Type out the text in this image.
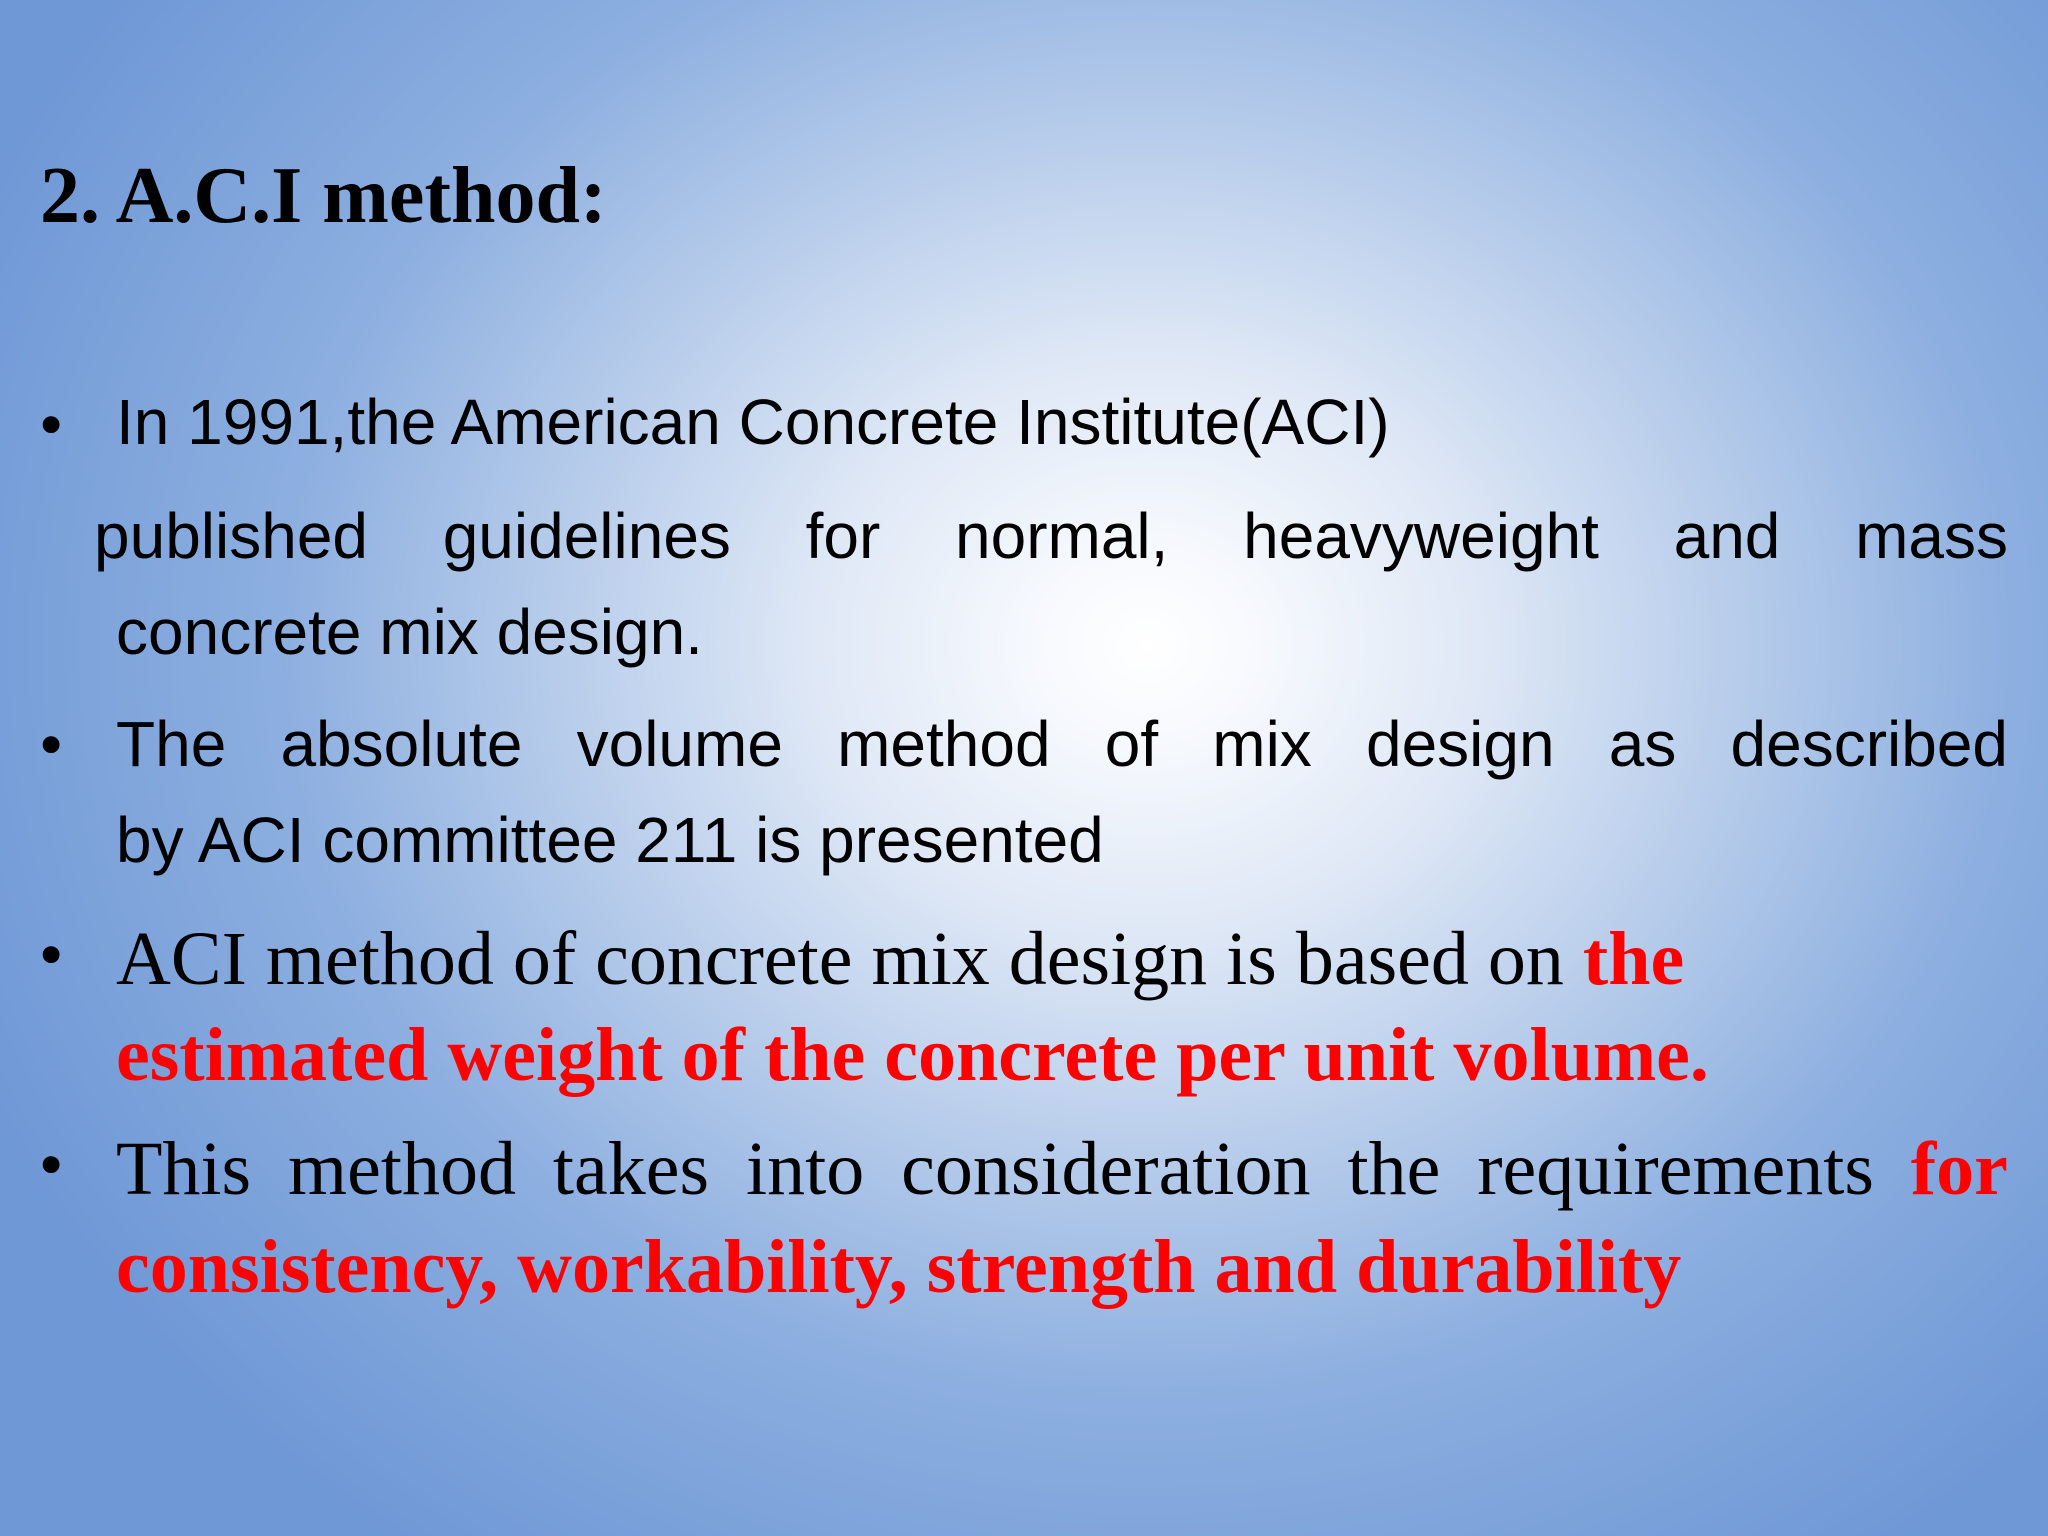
2. A.C.I method:
• In 1991,the American Concrete Institute(ACI)

published guidelines for normal, heavyweight and mass

concrete mix design.

• The absolute volume method of mix design as described

by ACI committee 211 is presented

• ACI method of concrete mix design is based on the

estimated weight of the concrete per unit volume.

• This method takes into consideration the requirements for

consistency, workability, strength and durability
